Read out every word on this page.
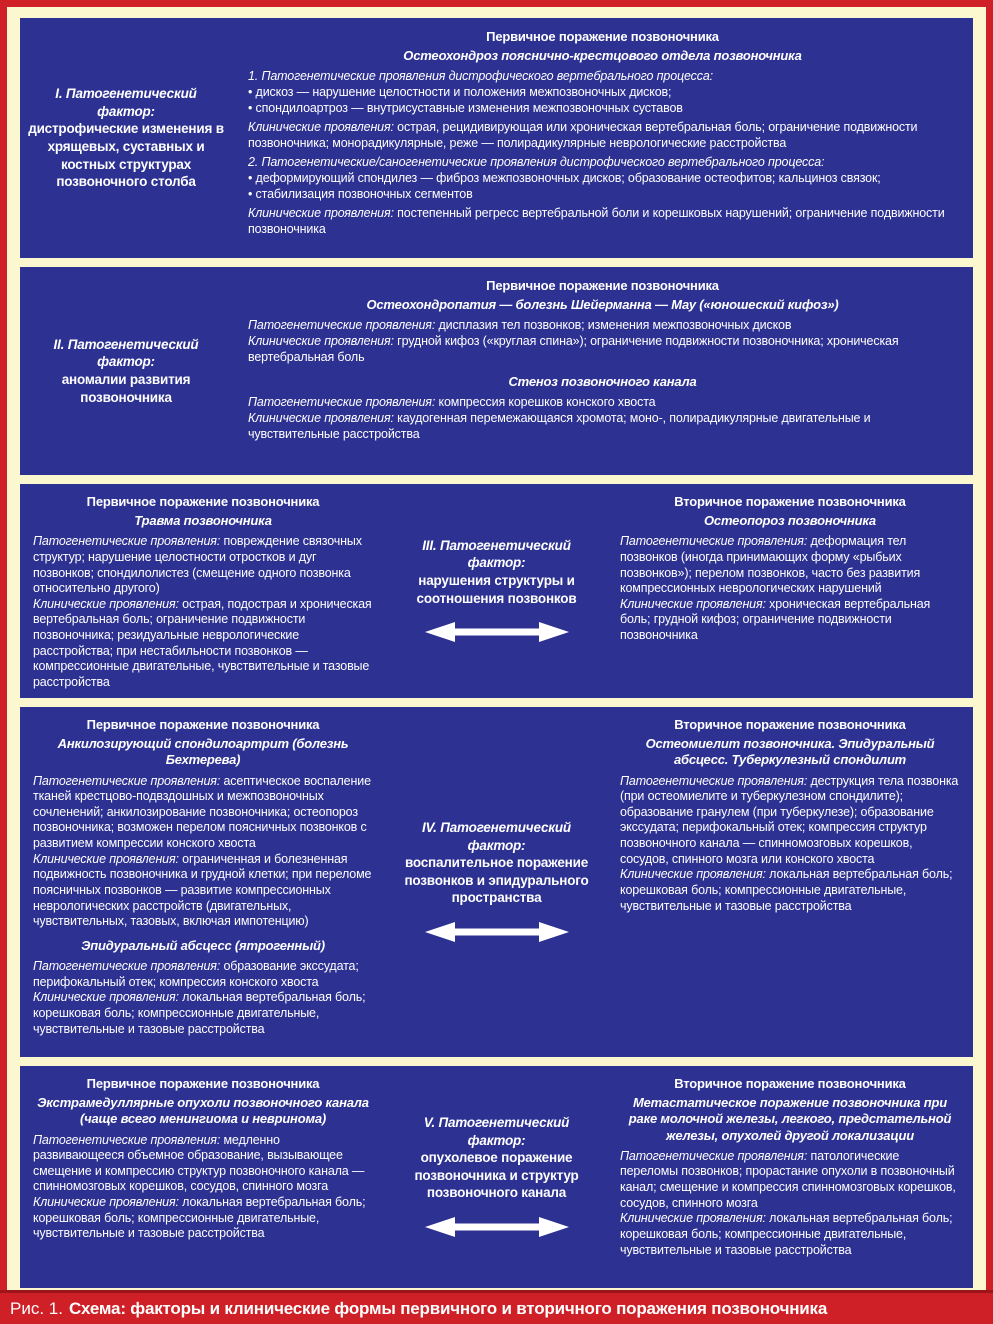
I. Патогенетический фактор:
дистрофические изменения в хрящевых, суставных и костных структурах позвоночного столба
Первичное поражение позвоночника
Остеохондроз пояснично-крестцового отдела позвоночника

1. Патогенетические проявления дистрофического вертебрального процесса:

• дискоз — нарушение целостности и положения межпозвоночных дисков;

• спондилоартроз — внутрисуставные изменения межпозвоночных суставов

Клинические проявления: острая, рецидивирующая или хроническая вертебральная боль; ограничение подвижности позвоночника; монорадикулярные, реже — полирадикулярные неврологические расстройства

2. Патогенетические/саногенетические проявления дистрофического вертебрального процесса:

• деформирующий спондилез — фиброз межпозвоночных дисков; образование остеофитов; кальциноз связок;

• стабилизация позвоночных сегментов

Клинические проявления: постепенный регресс вертебральной боли и корешковых нарушений; ограничение подвижности позвоночника

II. Патогенетический фактор:
аномалии развития позвоночника
Первичное поражение позвоночника
Остеохондропатия — болезнь Шейерманна — Мау («юношеский кифоз»)

Патогенетические проявления: дисплазия тел позвонков; изменения межпозвоночных дисков

Клинические проявления: грудной кифоз («круглая спина»); ограничение подвижности позвоночника; хроническая вертебральная боль

Стеноз позвоночного канала

Патогенетические проявления: компрессия корешков конского хвоста

Клинические проявления: каудогенная перемежающаяся хромота; моно-, полирадикулярные двигательные и чувствительные расстройства

Первичное поражение позвоночника
Травма позвоночника

Патогенетические проявления: повреждение связочных структур; нарушение целостности отростков и дуг позвонков; спондилолистез (смещение одного позвонка относительно другого)

Клинические проявления: острая, подострая и хроническая вертебральная боль; ограничение подвижности позвоночника; резидуальные неврологические расстройства; при нестабильности позвонков — компрессионные двигательные, чувствительные и тазовые расстройства

III. Патогенетический фактор:
нарушения структуры и соотношения позвонков
Вторичное поражение позвоночника
Остеопороз позвоночника

Патогенетические проявления: деформация тел позвонков (иногда принимающих форму «рыбьих позвонков»); перелом позвонков, часто без развития компрессионных неврологических нарушений

Клинические проявления: хроническая вертебральная боль; грудной кифоз; ограничение подвижности позвоночника

Первичное поражение позвоночника
Анкилозирующий спондилоартрит (болезнь Бехтерева)

Патогенетические проявления: асептическое воспаление тканей крестцово-подвздошных и межпозвоночных сочленений; анкилозирование позвоночника; остеопороз позвоночника; возможен перелом поясничных позвонков с развитием компрессии конского хвоста

Клинические проявления: ограниченная и болезненная подвижность позвоночника и грудной клетки; при переломе поясничных позвонков — развитие компрессионных неврологических расстройств (двигательных, чувствительных, тазовых, включая импотенцию)

Эпидуральный абсцесс (ятрогенный)

Патогенетические проявления: образование экссудата; перифокальный отек; компрессия конского хвоста

Клинические проявления: локальная вертебральная боль; корешковая боль; компрессионные двигательные, чувствительные и тазовые расстройства

IV. Патогенетический фактор:
воспалительное поражение позвонков и эпидурального пространства
Вторичное поражение позвоночника
Остеомиелит позвоночника. Эпидуральный абсцесс. Туберкулезный спондилит

Патогенетические проявления: деструкция тела позвонка (при остеомиелите и туберкулезном спондилите); образование гранулем (при туберкулезе); образование экссудата; перифокальный отек; компрессия структур позвоночного канала — спинномозговых корешков, сосудов, спинного мозга или конского хвоста

Клинические проявления: локальная вертебральная боль; корешковая боль; компрессионные двигательные, чувствительные и тазовые расстройства

Первичное поражение позвоночника
Экстрамедуллярные опухоли позвоночного канала (чаще всего менингиома и невринома)

Патогенетические проявления: медленно развивающееся объемное образование, вызывающее смещение и компрессию структур позвоночного канала — спинномозговых корешков, сосудов, спинного мозга

Клинические проявления: локальная вертебральная боль; корешковая боль; компрессионные двигательные, чувствительные и тазовые расстройства

V. Патогенетический фактор:
опухолевое поражение позвоночника и структур позвоночного канала
Вторичное поражение позвоночника
Метастатическое поражение позвоночника при раке молочной железы, легкого, предстательной железы, опухолей другой локализации

Патогенетические проявления: патологические переломы позвонков; прорастание опухоли в позвоночный канал; смещение и компрессия спинномозговых корешков, сосудов, спинного мозга

Клинические проявления: локальная вертебральная боль; корешковая боль; компрессионные двигательные, чувствительные и тазовые расстройства

Рис. 1. Схема: факторы и клинические формы первичного и вторичного поражения позвоночника
